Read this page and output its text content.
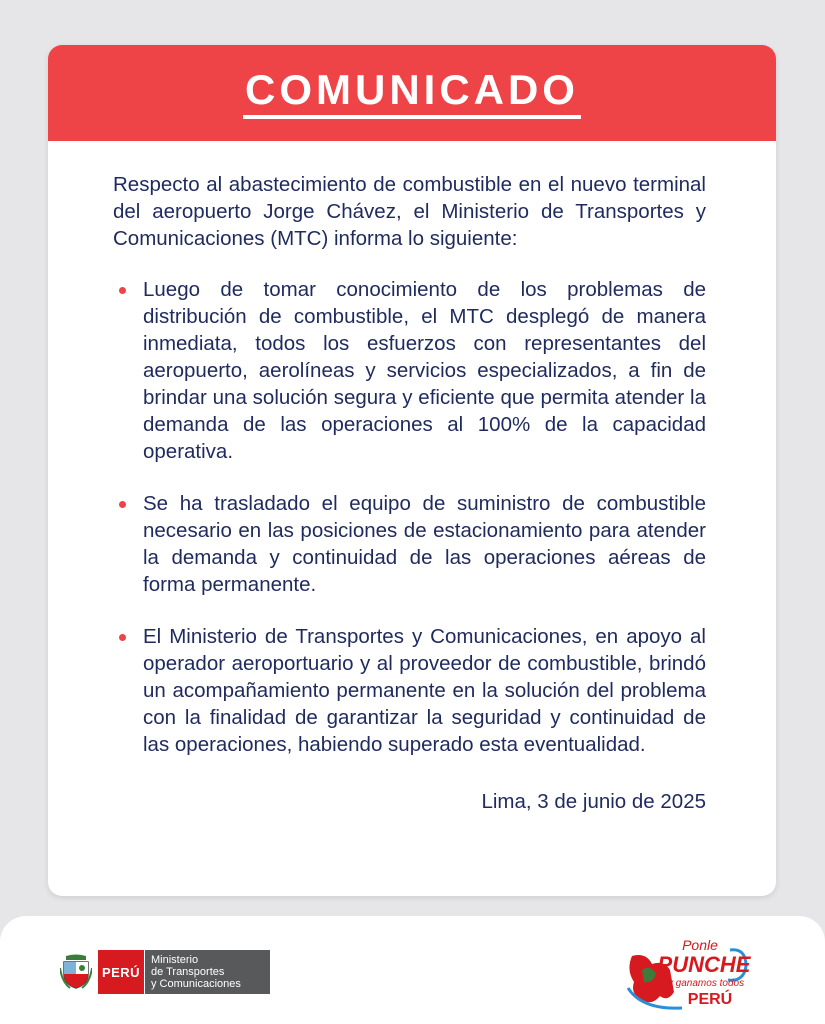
COMUNICADO

Respecto al abastecimiento de combustible en el nuevo terminal del aeropuerto Jorge Chávez, el Ministerio de Transportes y Comunicaciones (MTC) informa lo siguiente:

Luego de tomar conocimiento de los problemas de distribución de combustible, el MTC desplegó de manera inmediata, todos los esfuerzos con representantes del aeropuerto, aerolíneas y servicios especializados, a fin de brindar una solución segura y eficiente que permita atender la demanda de las operaciones al 100% de la capacidad operativa.
Se ha trasladado el equipo de suministro de combustible necesario en las posiciones de estacionamiento para atender la demanda y continuidad de las operaciones aéreas de forma permanente.
El Ministerio de Transportes y Comunicaciones, en apoyo al operador aeroportuario y al proveedor de combustible, brindó un acompañamiento permanente en la solución del problema con la finalidad de garantizar la seguridad y continuidad de las operaciones, habiendo superado esta eventualidad.
Lima, 3 de junio de 2025
PERÚ
Ministerio
de Transportes
y Comunicaciones
Ponle
PUNCHE
y ganamos todos
PERÚ
